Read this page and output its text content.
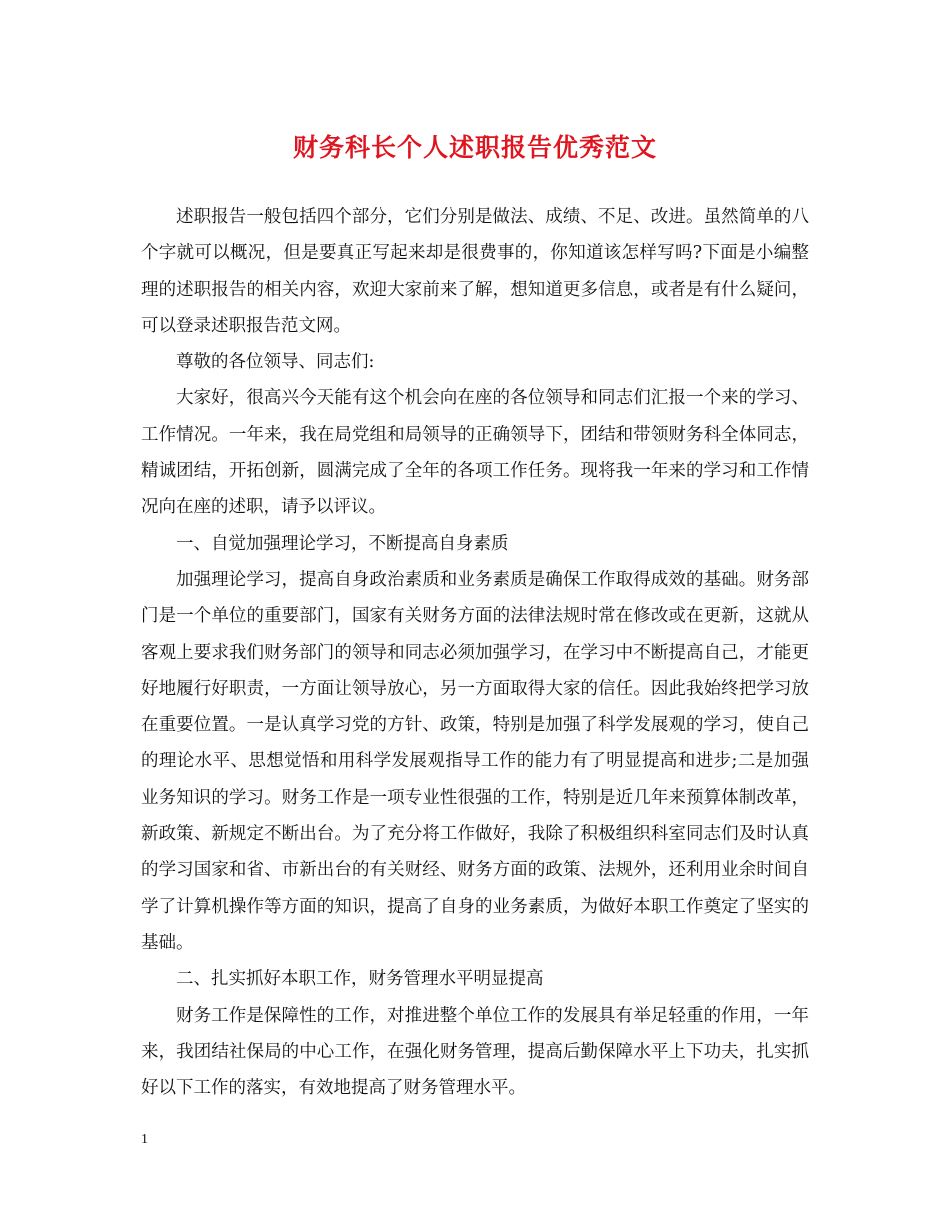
财务科长个人述职报告优秀范文

述职报告一般包括四个部分，它们分别是做法、成绩、不足、改进。虽然简单的八个字就可以概况，但是要真正写起来却是很费事的，你知道该怎样写吗?下面是小编整理的述职报告的相关内容，欢迎大家前来了解，想知道更多信息，或者是有什么疑问，可以登录述职报告范文网。

尊敬的各位领导、同志们:

大家好，很高兴今天能有这个机会向在座的各位领导和同志们汇报一个来的学习、工作情况。一年来，我在局党组和局领导的正确领导下，团结和带领财务科全体同志，精诚团结，开拓创新，圆满完成了全年的各项工作任务。现将我一年来的学习和工作情况向在座的述职，请予以评议。

一、自觉加强理论学习，不断提高自身素质

加强理论学习，提高自身政治素质和业务素质是确保工作取得成效的基础。财务部门是一个单位的重要部门，国家有关财务方面的法律法规时常在修改或在更新，这就从客观上要求我们财务部门的领导和同志必须加强学习，在学习中不断提高自己，才能更好地履行好职责，一方面让领导放心，另一方面取得大家的信任。因此我始终把学习放在重要位置。一是认真学习党的方针、政策，特别是加强了科学发展观的学习，使自己的理论水平、思想觉悟和用科学发展观指导工作的能力有了明显提高和进步;二是加强业务知识的学习。财务工作是一项专业性很强的工作，特别是近几年来预算体制改革，新政策、新规定不断出台。为了充分将工作做好，我除了积极组织科室同志们及时认真的学习国家和省、市新出台的有关财经、财务方面的政策、法规外，还利用业余时间自学了计算机操作等方面的知识，提高了自身的业务素质，为做好本职工作奠定了坚实的基础。

二、扎实抓好本职工作，财务管理水平明显提高

财务工作是保障性的工作，对推进整个单位工作的发展具有举足轻重的作用，一年来，我团结社保局的中心工作，在强化财务管理，提高后勤保障水平上下功夫，扎实抓好以下工作的落实，有效地提高了财务管理水平。

1
